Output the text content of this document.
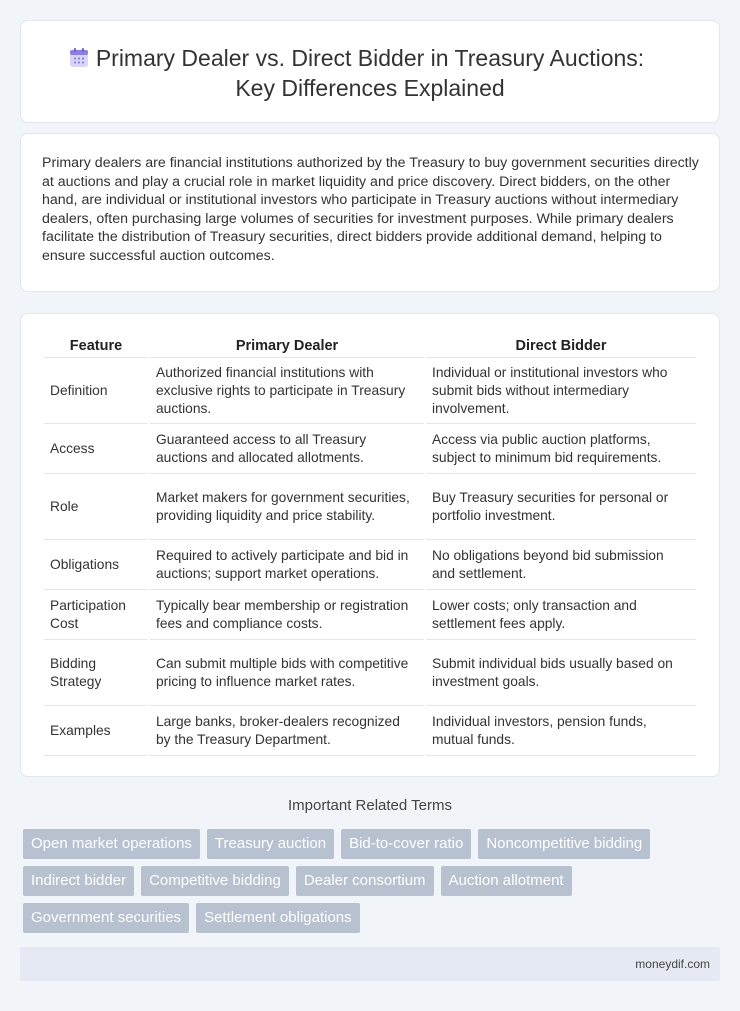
Primary Dealer vs. Direct Bidder in Treasury Auctions:
Key Differences Explained

Primary dealers are financial institutions authorized by the Treasury to buy government securities directly at auctions and play a crucial role in market liquidity and price discovery. Direct bidders, on the other hand, are individual or institutional investors who participate in Treasury auctions without intermediary dealers, often purchasing large volumes of securities for investment purposes. While primary dealers facilitate the distribution of Treasury securities, direct bidders provide additional demand, helping to ensure successful auction outcomes.

Feature	Primary Dealer	Direct Bidder
Definition	Authorized financial institutions with exclusive rights to participate in Treasury auctions.	Individual or institutional investors who submit bids without intermediary involvement.
Access	Guaranteed access to all Treasury auctions and allocated allotments.	Access via public auction platforms, subject to minimum bid requirements.
Role	Market makers for government securities, providing liquidity and price stability.	Buy Treasury securities for personal or portfolio investment.
Obligations	Required to actively participate and bid in auctions; support market operations.	No obligations beyond bid submission and settlement.
Participation Cost	Typically bear membership or registration fees and compliance costs.	Lower costs; only transaction and settlement fees apply.
Bidding Strategy	Can submit multiple bids with competitive pricing to influence market rates.	Submit individual bids usually based on investment goals.
Examples	Large banks, broker-dealers recognized by the Treasury Department.	Individual investors, pension funds, mutual funds.
Important Related Terms
Open market operations	Treasury auction	Bid-to-cover ratio	Noncompetitive bidding
Indirect bidder	Competitive bidding	Dealer consortium	Auction allotment
Government securities	Settlement obligations
moneydif.com
